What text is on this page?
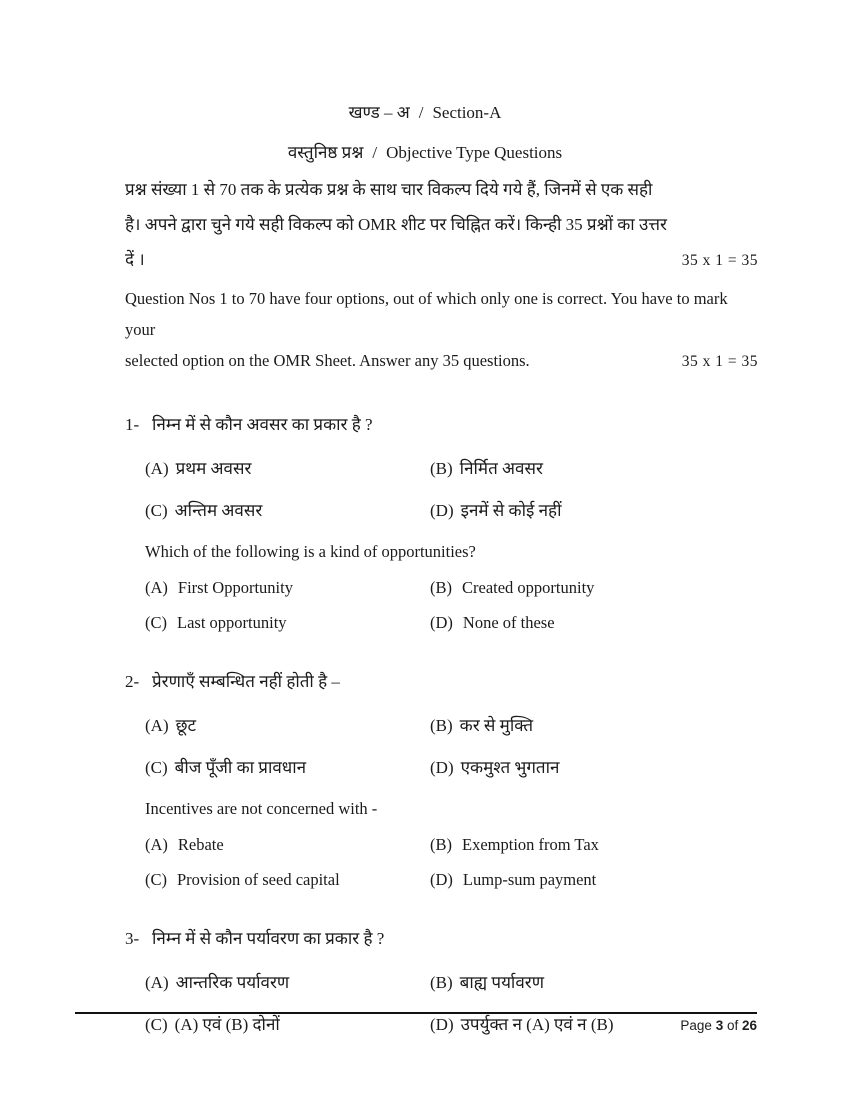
खण्ड – अ / Section-A
वस्तुनिष्ठ प्रश्न / Objective Type Questions
प्रश्न संख्या 1 से 70 तक के प्रत्येक प्रश्न के साथ चार विकल्प दिये गये हैं, जिनमें से एक सही
है। अपने द्वारा चुने गये सही विकल्प को OMR शीट पर चिह्नित करें। किन्ही 35 प्रश्नों का उत्तर
दें ।	35 x 1 = 35
Question Nos 1 to 70 have four options, out of which only one is correct. You have to mark your
selected option on the OMR Sheet. Answer any 35 questions.	35 x 1 = 35
1- निम्न में से कौन अवसर का प्रकार है ?
(A) प्रथम अवसर	(B) निर्मित अवसर
(C) अन्तिम अवसर	(D) इनमें से कोई नहीं
Which of the following is a kind of opportunities?
(A) First Opportunity	(B) Created opportunity
(C) Last opportunity	(D) None of these
2- प्रेरणाएँ सम्बन्धित नहीं होती है –
(A) छूट	(B) कर से मुक्ति
(C) बीज पूँजी का प्रावधान	(D) एकमुश्त भुगतान
Incentives are not concerned with -
(A) Rebate	(B) Exemption from Tax
(C) Provision of seed capital	(D) Lump-sum payment
3- निम्न में से कौन पर्यावरण का प्रकार है ?
(A) आन्तरिक पर्यावरण	(B) बाह्य पर्यावरण
(C) (A) एवं (B) दोनों	(D) उपर्युक्त न (A) एवं न (B)	Page 3 of 26
